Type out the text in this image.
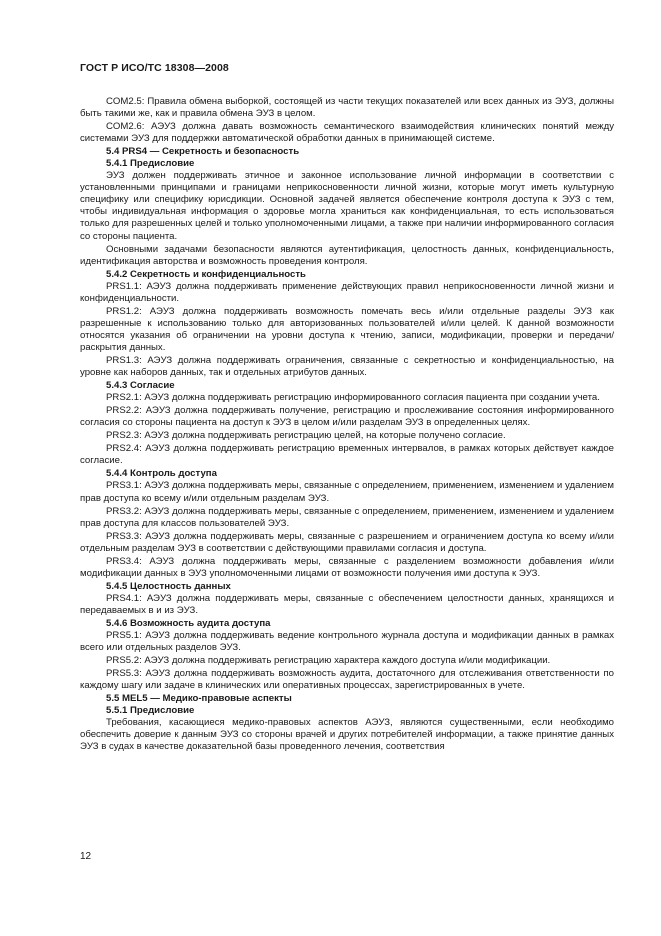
ГОСТ Р ИСО/ТС 18308—2008
COM2.5: Правила обмена выборкой, состоящей из части текущих показателей или всех данных из ЭУЗ, должны быть такими же, как и правила обмена ЭУЗ в целом.
COM2.6: АЭУЗ должна давать возможность семантического взаимодействия клинических понятий между системами ЭУЗ для поддержки автоматической обработки данных в принимающей системе.
5.4 PRS4 — Секретность и безопасность
5.4.1 Предисловие
ЭУЗ должен поддерживать этичное и законное использование личной информации в соответствии с установленными принципами и границами неприкосновенности личной жизни, которые могут иметь культурную специфику или специфику юрисдикции. Основной задачей является обеспечение контроля доступа к ЭУЗ с тем, чтобы индивидуальная информация о здоровье могла храниться как конфиденциальная, то есть использоваться только для разрешенных целей и только уполномоченными лицами, а также при наличии информированного согласия со стороны пациента.
Основными задачами безопасности являются аутентификация, целостность данных, конфиденциальность, идентификация авторства и возможность проведения контроля.
5.4.2 Секретность и конфиденциальность
PRS1.1: АЭУЗ должна поддерживать применение действующих правил неприкосновенности личной жизни и конфиденциальности.
PRS1.2: АЭУЗ должна поддерживать возможность помечать весь и/или отдельные разделы ЭУЗ как разрешенные к использованию только для авторизованных пользователей и/или целей. К данной возможности относятся указания об ограничении на уровни доступа к чтению, записи, модификации, проверки и передачи/раскрытия данных.
PRS1.3: АЭУЗ должна поддерживать ограничения, связанные с секретностью и конфиденциальностью, на уровне как наборов данных, так и отдельных атрибутов данных.
5.4.3 Согласие
PRS2.1: АЭУЗ должна поддерживать регистрацию информированного согласия пациента при создании учета.
PRS2.2: АЭУЗ должна поддерживать получение, регистрацию и прослеживание состояния информированного согласия со стороны пациента на доступ к ЭУЗ в целом и/или разделам ЭУЗ в определенных целях.
PRS2.3: АЭУЗ должна поддерживать регистрацию целей, на которые получено согласие.
PRS2.4: АЭУЗ должна поддерживать регистрацию временных интервалов, в рамках которых действует каждое согласие.
5.4.4 Контроль доступа
PRS3.1: АЭУЗ должна поддерживать меры, связанные с определением, применением, изменением и удалением прав доступа ко всему и/или отдельным разделам ЭУЗ.
PRS3.2: АЭУЗ должна поддерживать меры, связанные с определением, применением, изменением и удалением прав доступа для классов пользователей ЭУЗ.
PRS3.3: АЭУЗ должна поддерживать меры, связанные с разрешением и ограничением доступа ко всему и/или отдельным разделам ЭУЗ в соответствии с действующими правилами согласия и доступа.
PRS3.4: АЭУЗ должна поддерживать меры, связанные с разделением возможности добавления и/или модификации данных в ЭУЗ уполномоченными лицами от возможности получения ими доступа к ЭУЗ.
5.4.5 Целостность данных
PRS4.1: АЭУЗ должна поддерживать меры, связанные с обеспечением целостности данных, хранящихся и передаваемых в и из ЭУЗ.
5.4.6 Возможность аудита доступа
PRS5.1: АЭУЗ должна поддерживать ведение контрольного журнала доступа и модификации данных в рамках всего или отдельных разделов ЭУЗ.
PRS5.2: АЭУЗ должна поддерживать регистрацию характера каждого доступа и/или модификации.
PRS5.3: АЭУЗ должна поддерживать возможность аудита, достаточного для отслеживания ответственности по каждому шагу или задаче в клинических или оперативных процессах, зарегистрированных в учете.
5.5 MEL5 — Медико-правовые аспекты
5.5.1 Предисловие
Требования, касающиеся медико-правовых аспектов АЭУЗ, являются существенными, если необходимо обеспечить доверие к данным ЭУЗ со стороны врачей и других потребителей информации, а также принятие данных ЭУЗ в судах в качестве доказательной базы проведенного лечения, соответствия
12
